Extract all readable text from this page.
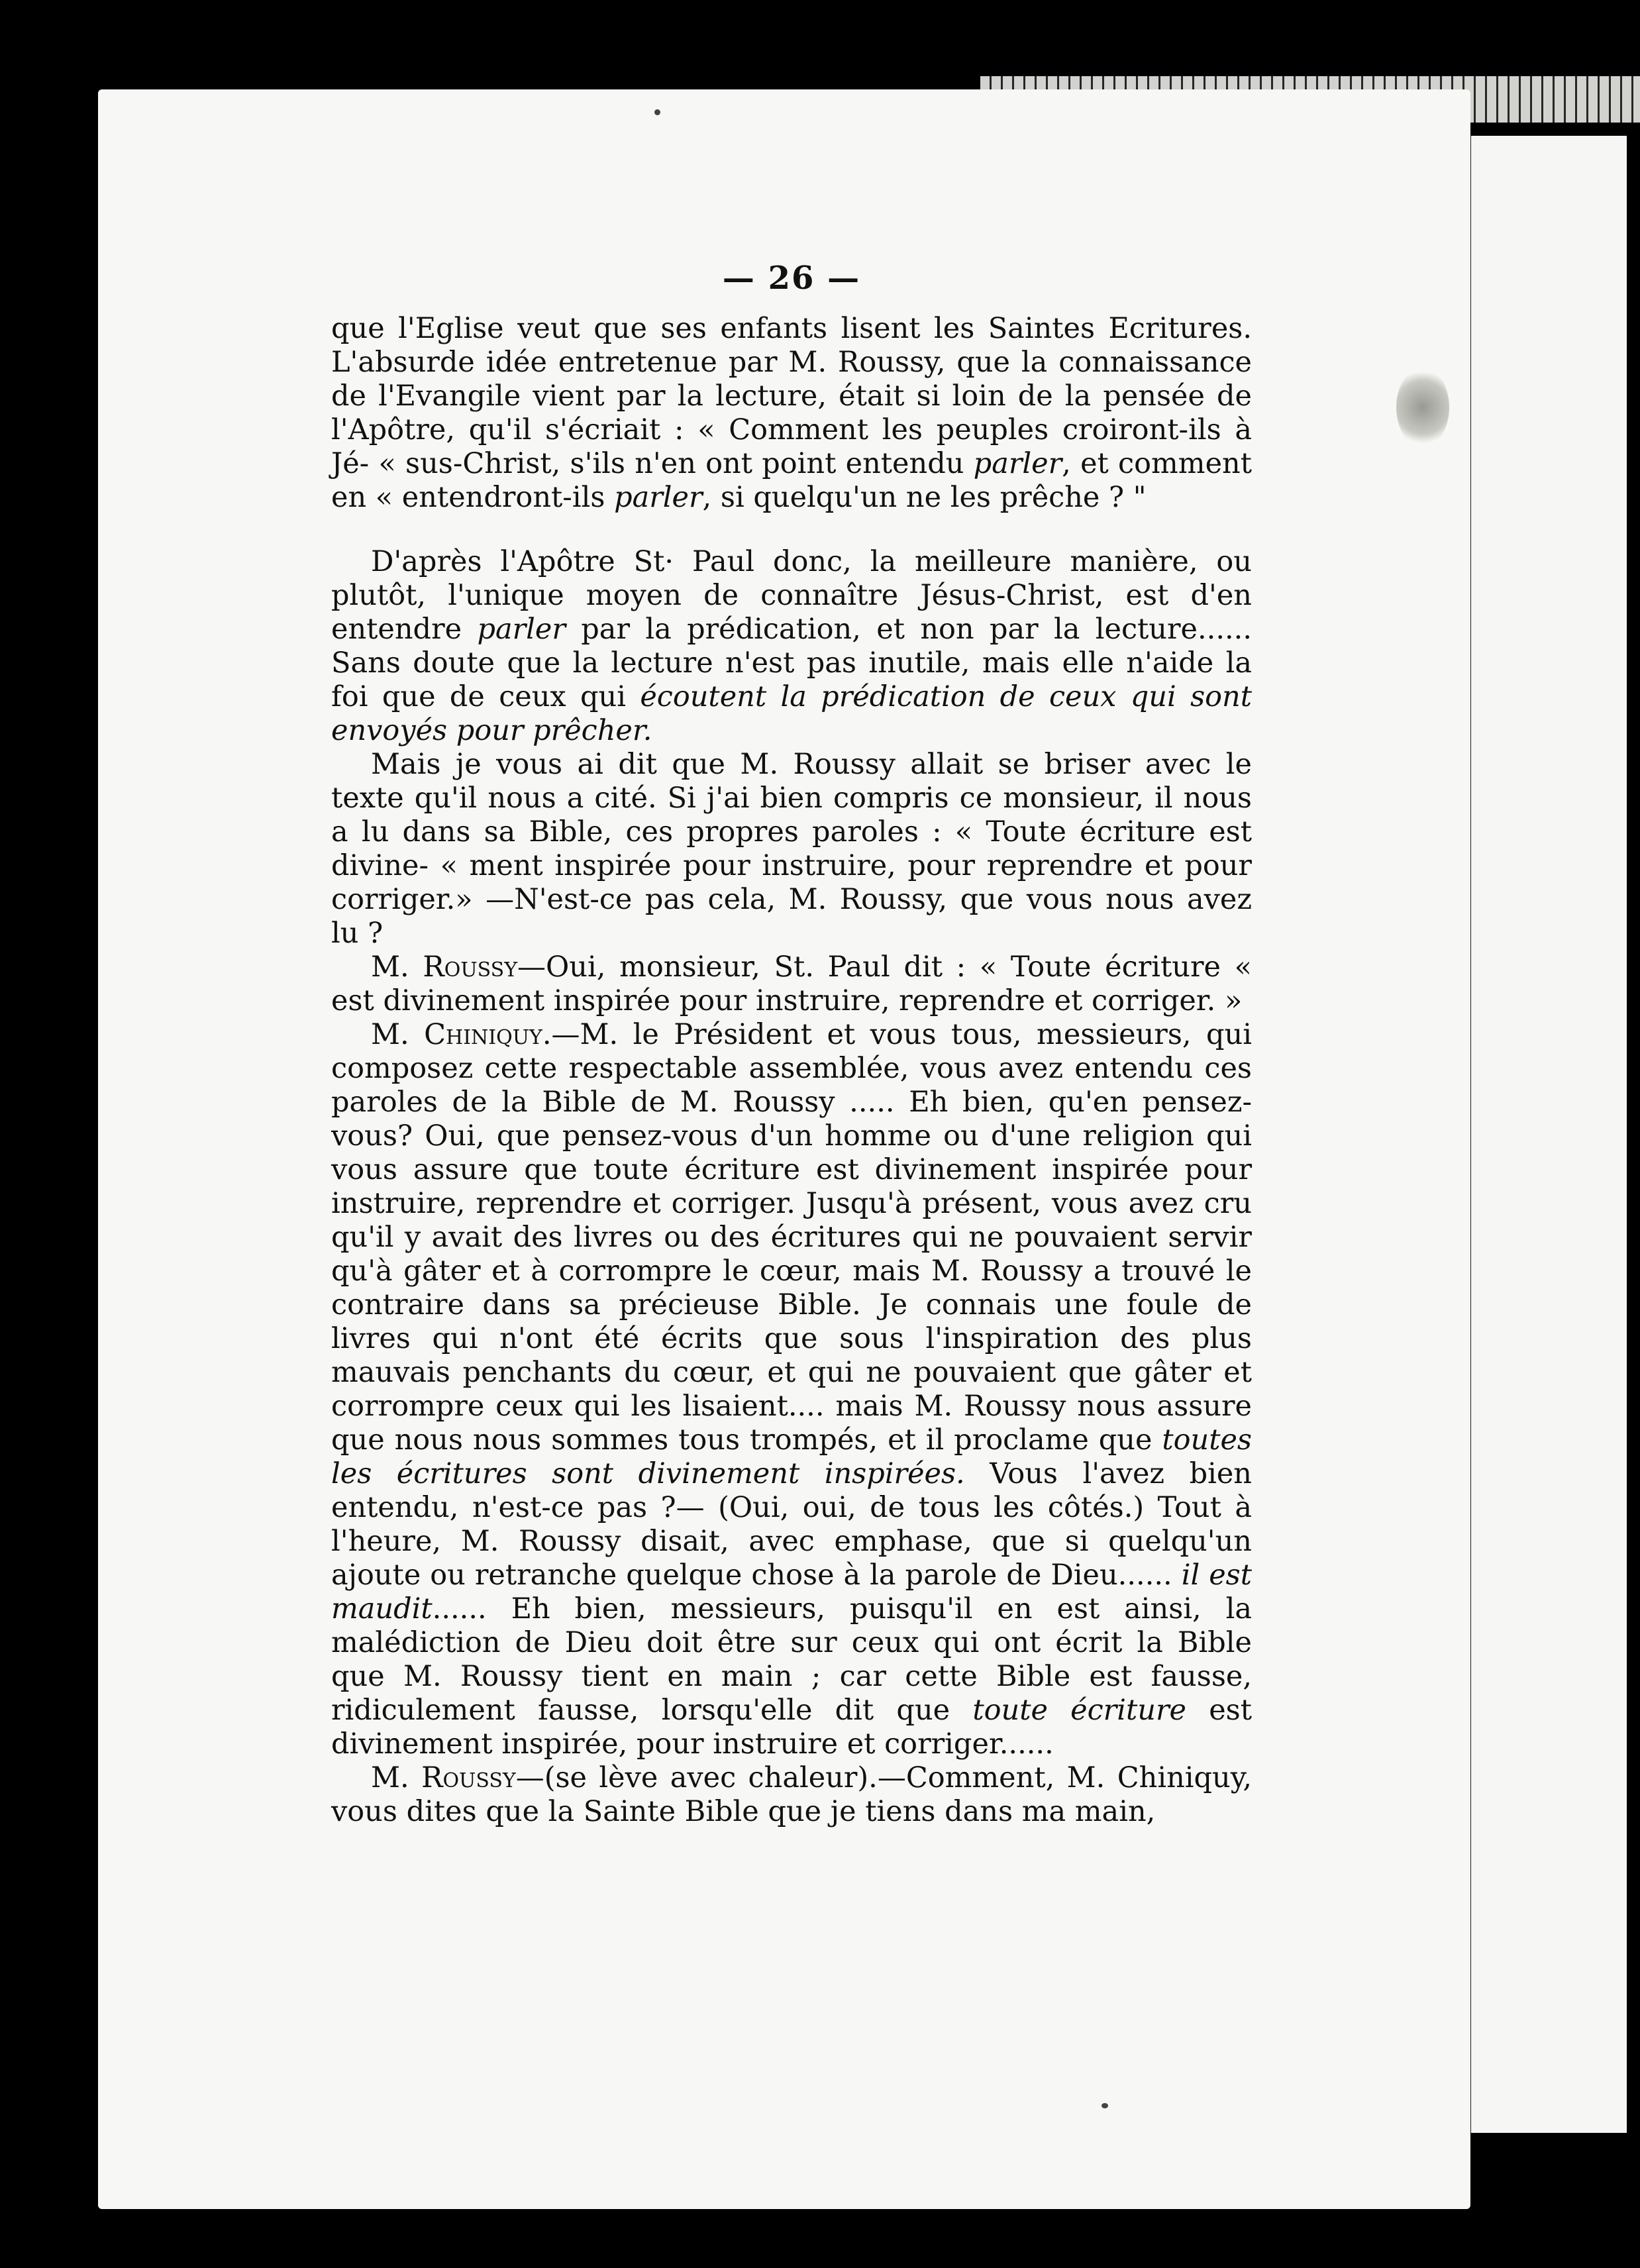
— 26 —
que l'Eglise veut que ses enfants lisent les Saintes Ecritures. L'absurde idée entretenue par M. Roussy, que la connaissance de l'Evangile vient par la lecture, était si loin de la pensée de l'Apôtre, qu'il s'écriait : « Comment les peuples croiront-ils à Jé- « sus-Christ, s'ils n'en ont point entendu parler, et comment en « entendront-ils parler, si quelqu'un ne les prêche ? "
D'après l'Apôtre St· Paul donc, la meilleure manière, ou plutôt, l'unique moyen de connaître Jésus-Christ, est d'en entendre parler par la prédication, et non par la lecture...... Sans doute que la lecture n'est pas inutile, mais elle n'aide la foi que de ceux qui écoutent la prédication de ceux qui sont envoyés pour prêcher.
Mais je vous ai dit que M. Roussy allait se briser avec le texte qu'il nous a cité. Si j'ai bien compris ce monsieur, il nous a lu dans sa Bible, ces propres paroles : « Toute écriture est divine- « ment inspirée pour instruire, pour reprendre et pour corriger.» —N'est-ce pas cela, M. Roussy, que vous nous avez lu ?
M. Roussy—Oui, monsieur, St. Paul dit : « Toute écriture « est divinement inspirée pour instruire, reprendre et corriger. »
M. Chiniquy.—M. le Président et vous tous, messieurs, qui composez cette respectable assemblée, vous avez entendu ces paroles de la Bible de M. Roussy ..... Eh bien, qu'en pensez-vous? Oui, que pensez-vous d'un homme ou d'une religion qui vous assure que toute écriture est divinement inspirée pour instruire, reprendre et corriger. Jusqu'à présent, vous avez cru qu'il y avait des livres ou des écritures qui ne pouvaient servir qu'à gâter et à corrompre le cœur, mais M. Roussy a trouvé le contraire dans sa précieuse Bible. Je connais une foule de livres qui n'ont été écrits que sous l'inspiration des plus mauvais penchants du cœur, et qui ne pouvaient que gâter et corrompre ceux qui les lisaient.... mais M. Roussy nous assure que nous nous sommes tous trompés, et il proclame que toutes les écritures sont divinement inspirées. Vous l'avez bien entendu, n'est-ce pas ?— (Oui, oui, de tous les côtés.) Tout à l'heure, M. Roussy disait, avec emphase, que si quelqu'un ajoute ou retranche quelque chose à la parole de Dieu...... il est maudit...... Eh bien, messieurs, puisqu'il en est ainsi, la malédiction de Dieu doit être sur ceux qui ont écrit la Bible que M. Roussy tient en main ; car cette Bible est fausse, ridiculement fausse, lorsqu'elle dit que toute écriture est divinement inspirée, pour instruire et corriger......
M. Roussy—(se lève avec chaleur).—Comment, M. Chiniquy, vous dites que la Sainte Bible que je tiens dans ma main,
